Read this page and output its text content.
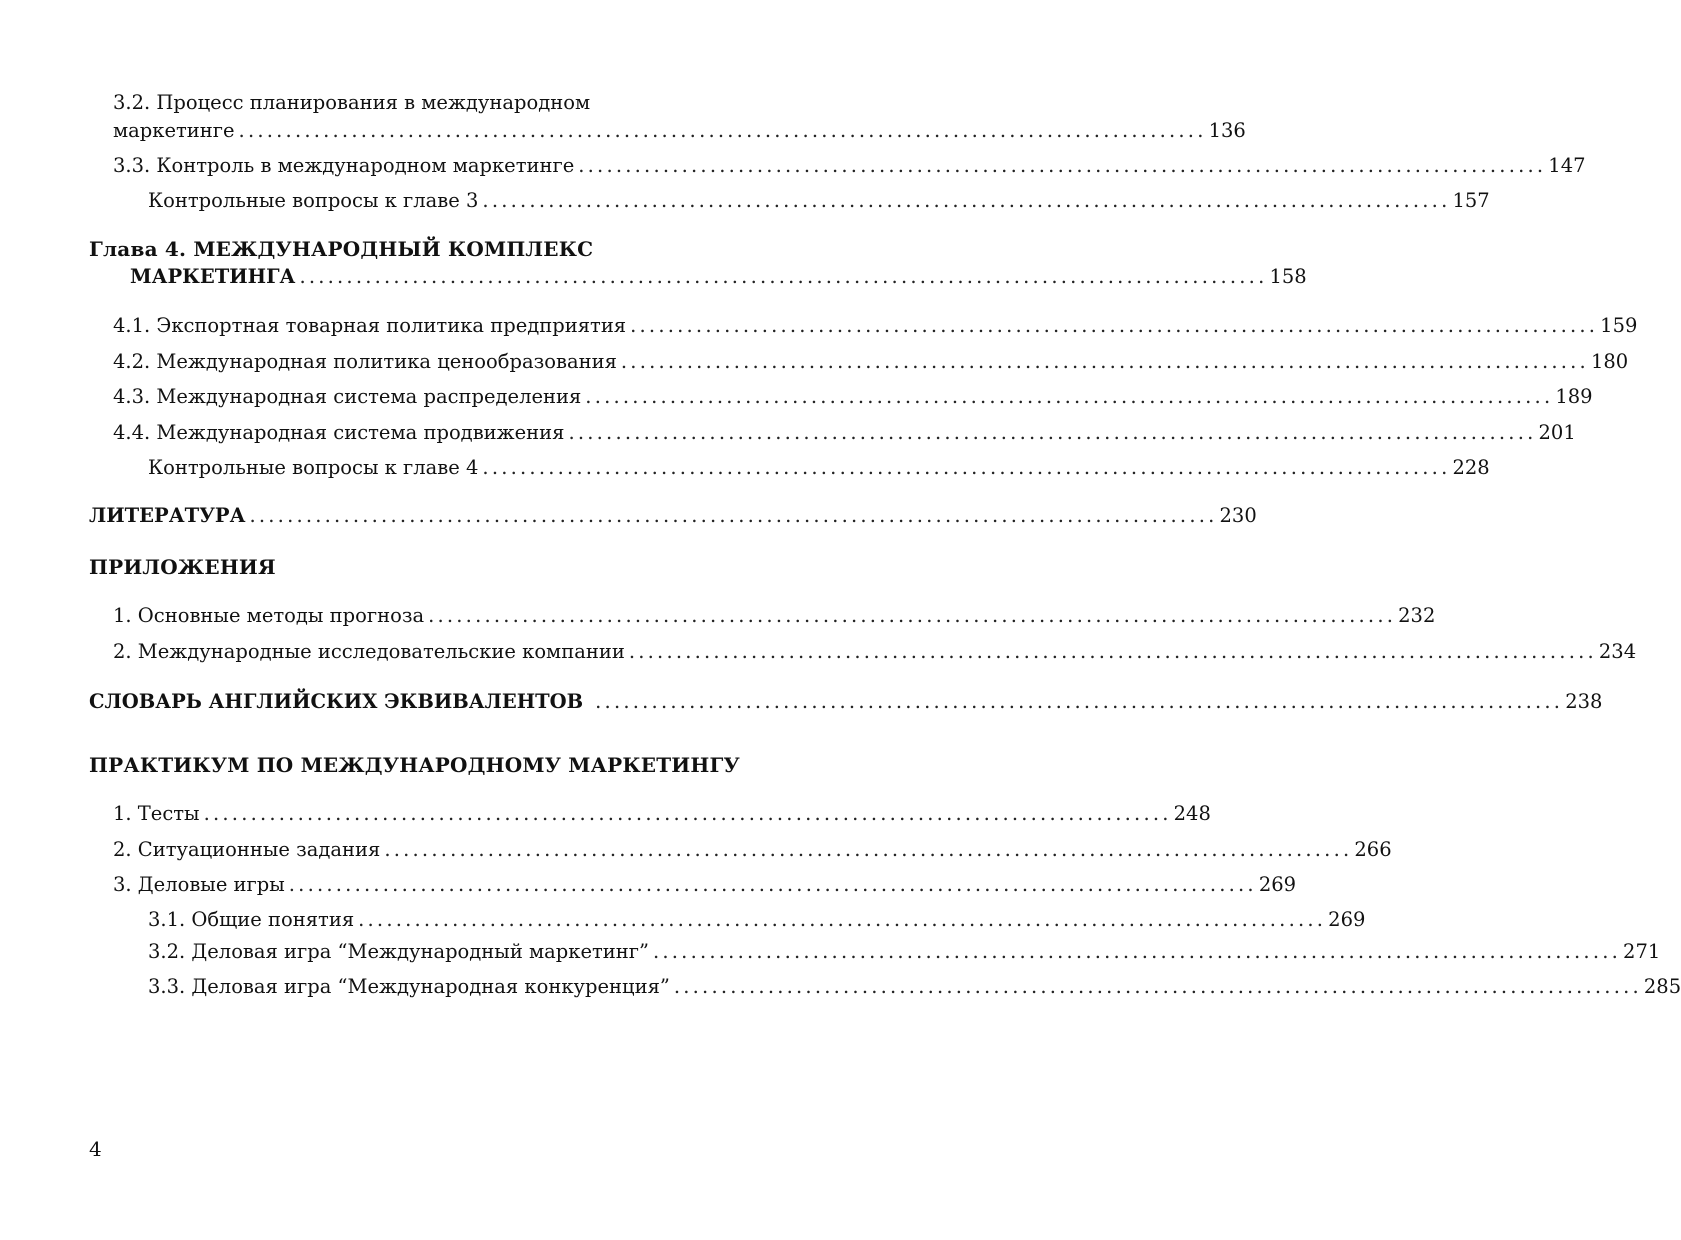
3.2. Процесс планирования в международном
маркетинге ....................................................................................................... 136
3.3. Контроль в международном маркетинге ....................................................................................................... 147
Контрольные вопросы к главе 3 ....................................................................................................... 157
Глава 4. МЕЖДУНАРОДНЫЙ КОМПЛЕКС
МАРКЕТИНГА ....................................................................................................... 158
4.1. Экспортная товарная политика предприятия ....................................................................................................... 159
4.2. Международная политика ценообразования ....................................................................................................... 180
4.3. Международная система распределения ....................................................................................................... 189
4.4. Международная система продвижения ....................................................................................................... 201
Контрольные вопросы к главе 4 ....................................................................................................... 228
ЛИТЕРАТУРА ....................................................................................................... 230
ПРИЛОЖЕНИЯ
1. Основные методы прогноза ....................................................................................................... 232
2. Международные исследовательские компании ....................................................................................................... 234
СЛОВАРЬ АНГЛИЙСКИХ ЭКВИВАЛЕНТОВ ....................................................................................................... 238
ПРАКТИКУМ ПО МЕЖДУНАРОДНОМУ МАРКЕТИНГУ
1. Тесты ....................................................................................................... 248
2. Ситуационные задания ....................................................................................................... 266
3. Деловые игры ....................................................................................................... 269
3.1. Общие понятия ....................................................................................................... 269
3.2. Деловая игра “Международный маркетинг” ....................................................................................................... 271
3.3. Деловая игра “Международная конкуренция” ....................................................................................................... 285
4
